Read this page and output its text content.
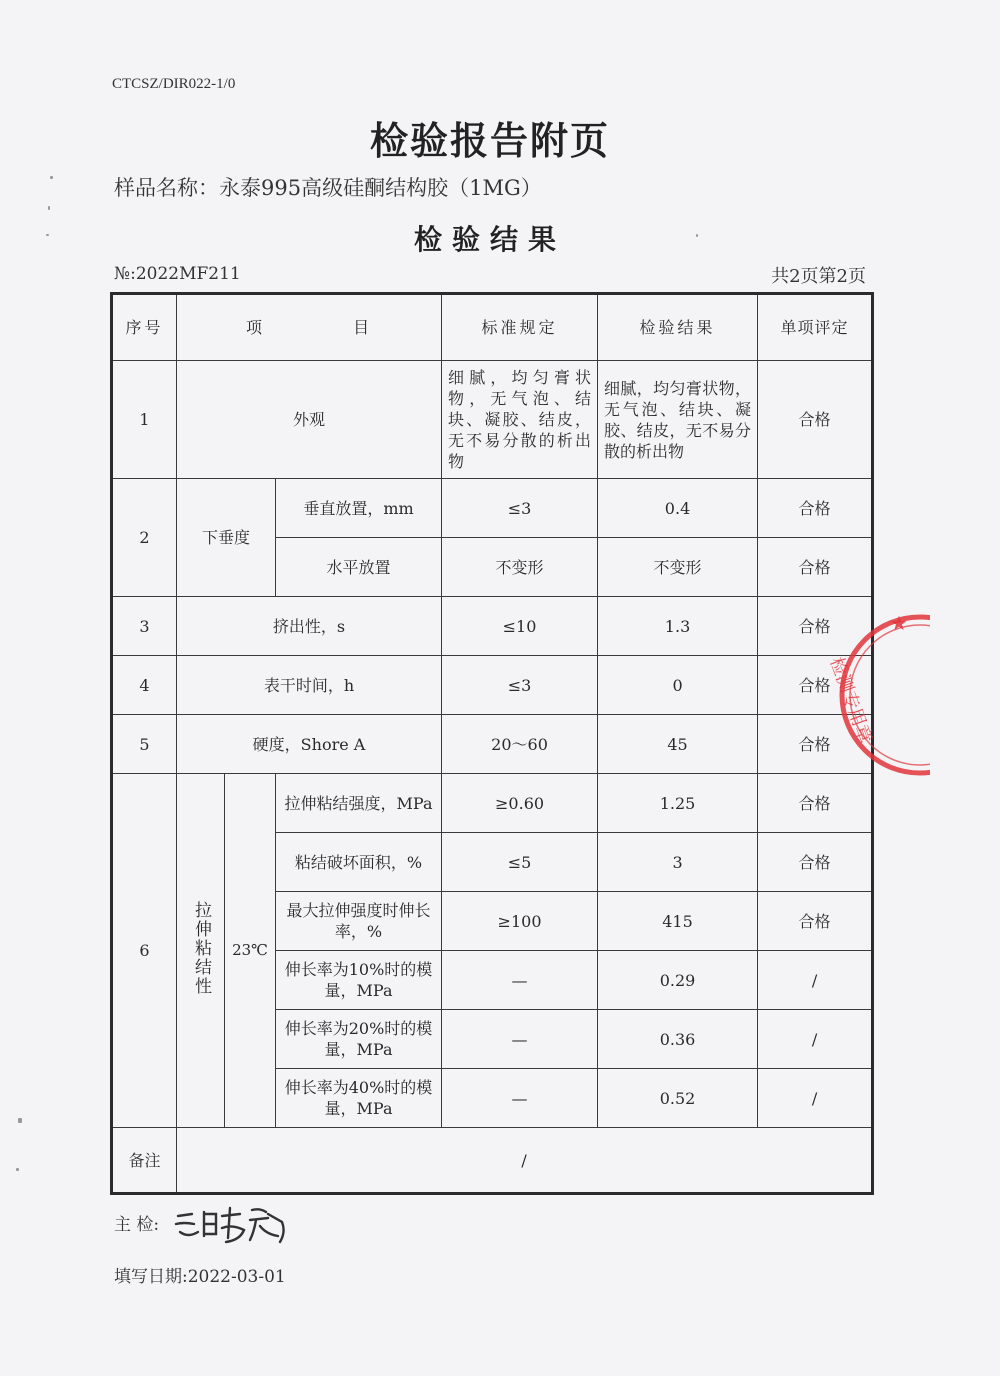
CTCSZ/DIR022-1/0
检验报告附页
样品名称：永泰995高级硅酮结构胶（1MG）
检验结果
№:2022MF211	共2页第2页
序号	项 目			标准规定	检验结果	单项评定
1	外观			细腻，均匀膏状物，无气泡、结块、凝胶、结皮，无不易分散的析出物	细腻，均匀膏状物，无气泡、结块、凝胶、结皮，无不易分散的析出物	合格
2	下垂度		垂直放置，mm	≤3	0.4	合格
			水平放置	不变形	不变形	合格
3	挤出性，s			≤10	1.3	合格
4	表干时间，h			≤3	0	合格
5	硬度，Shore A			20～60	45	合格
6	拉伸粘结性	23℃	拉伸粘结强度，MPa	≥0.60	1.25	合格
			粘结破坏面积，%	≤5	3	合格
			最大拉伸强度时伸长率，%	≥100	415	合格
			伸长率为10%时的模量，MPa	—	0.29	/
			伸长率为20%时的模量，MPa	—	0.36	/
			伸长率为40%时的模量，MPa	—	0.52	/
备注	/					
检测专用章
★
主 检:
填写日期:2022-03-01
